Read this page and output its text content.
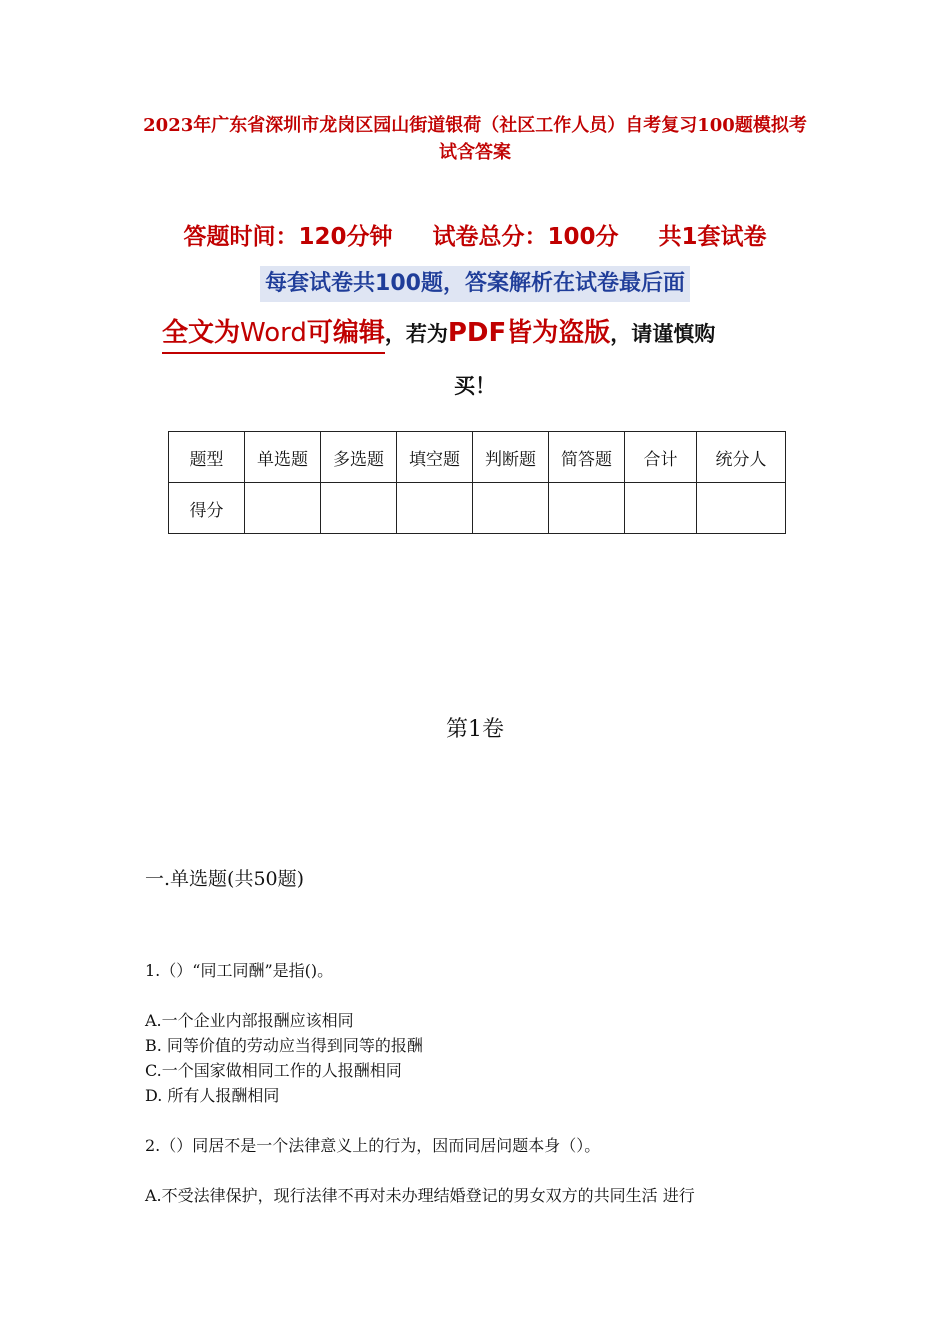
2023年广东省深圳市龙岗区园山街道银荷（社区工作人员）自考复习100题模拟考试含答案
答题时间：120分钟 试卷总分：100分 共1套试卷
每套试卷共100题，答案解析在试卷最后面
全文为Word可编辑，若为PDF皆为盗版，请谨慎购
买！
题型	单选题	多选题	填空题	判断题	简答题	合计	统分人
得分							
第1卷
一.单选题(共50题)
1.（）“同工同酬”是指()。
A.一个企业内部报酬应该相同
B. 同等价值的劳动应当得到同等的报酬
C.一个国家做相同工作的人报酬相同
D. 所有人报酬相同
2.（）同居不是一个法律意义上的行为，因而同居问题本身（）。
A.不受法律保护，现行法律不再对未办理结婚登记的男女双方的共同生活 进行
